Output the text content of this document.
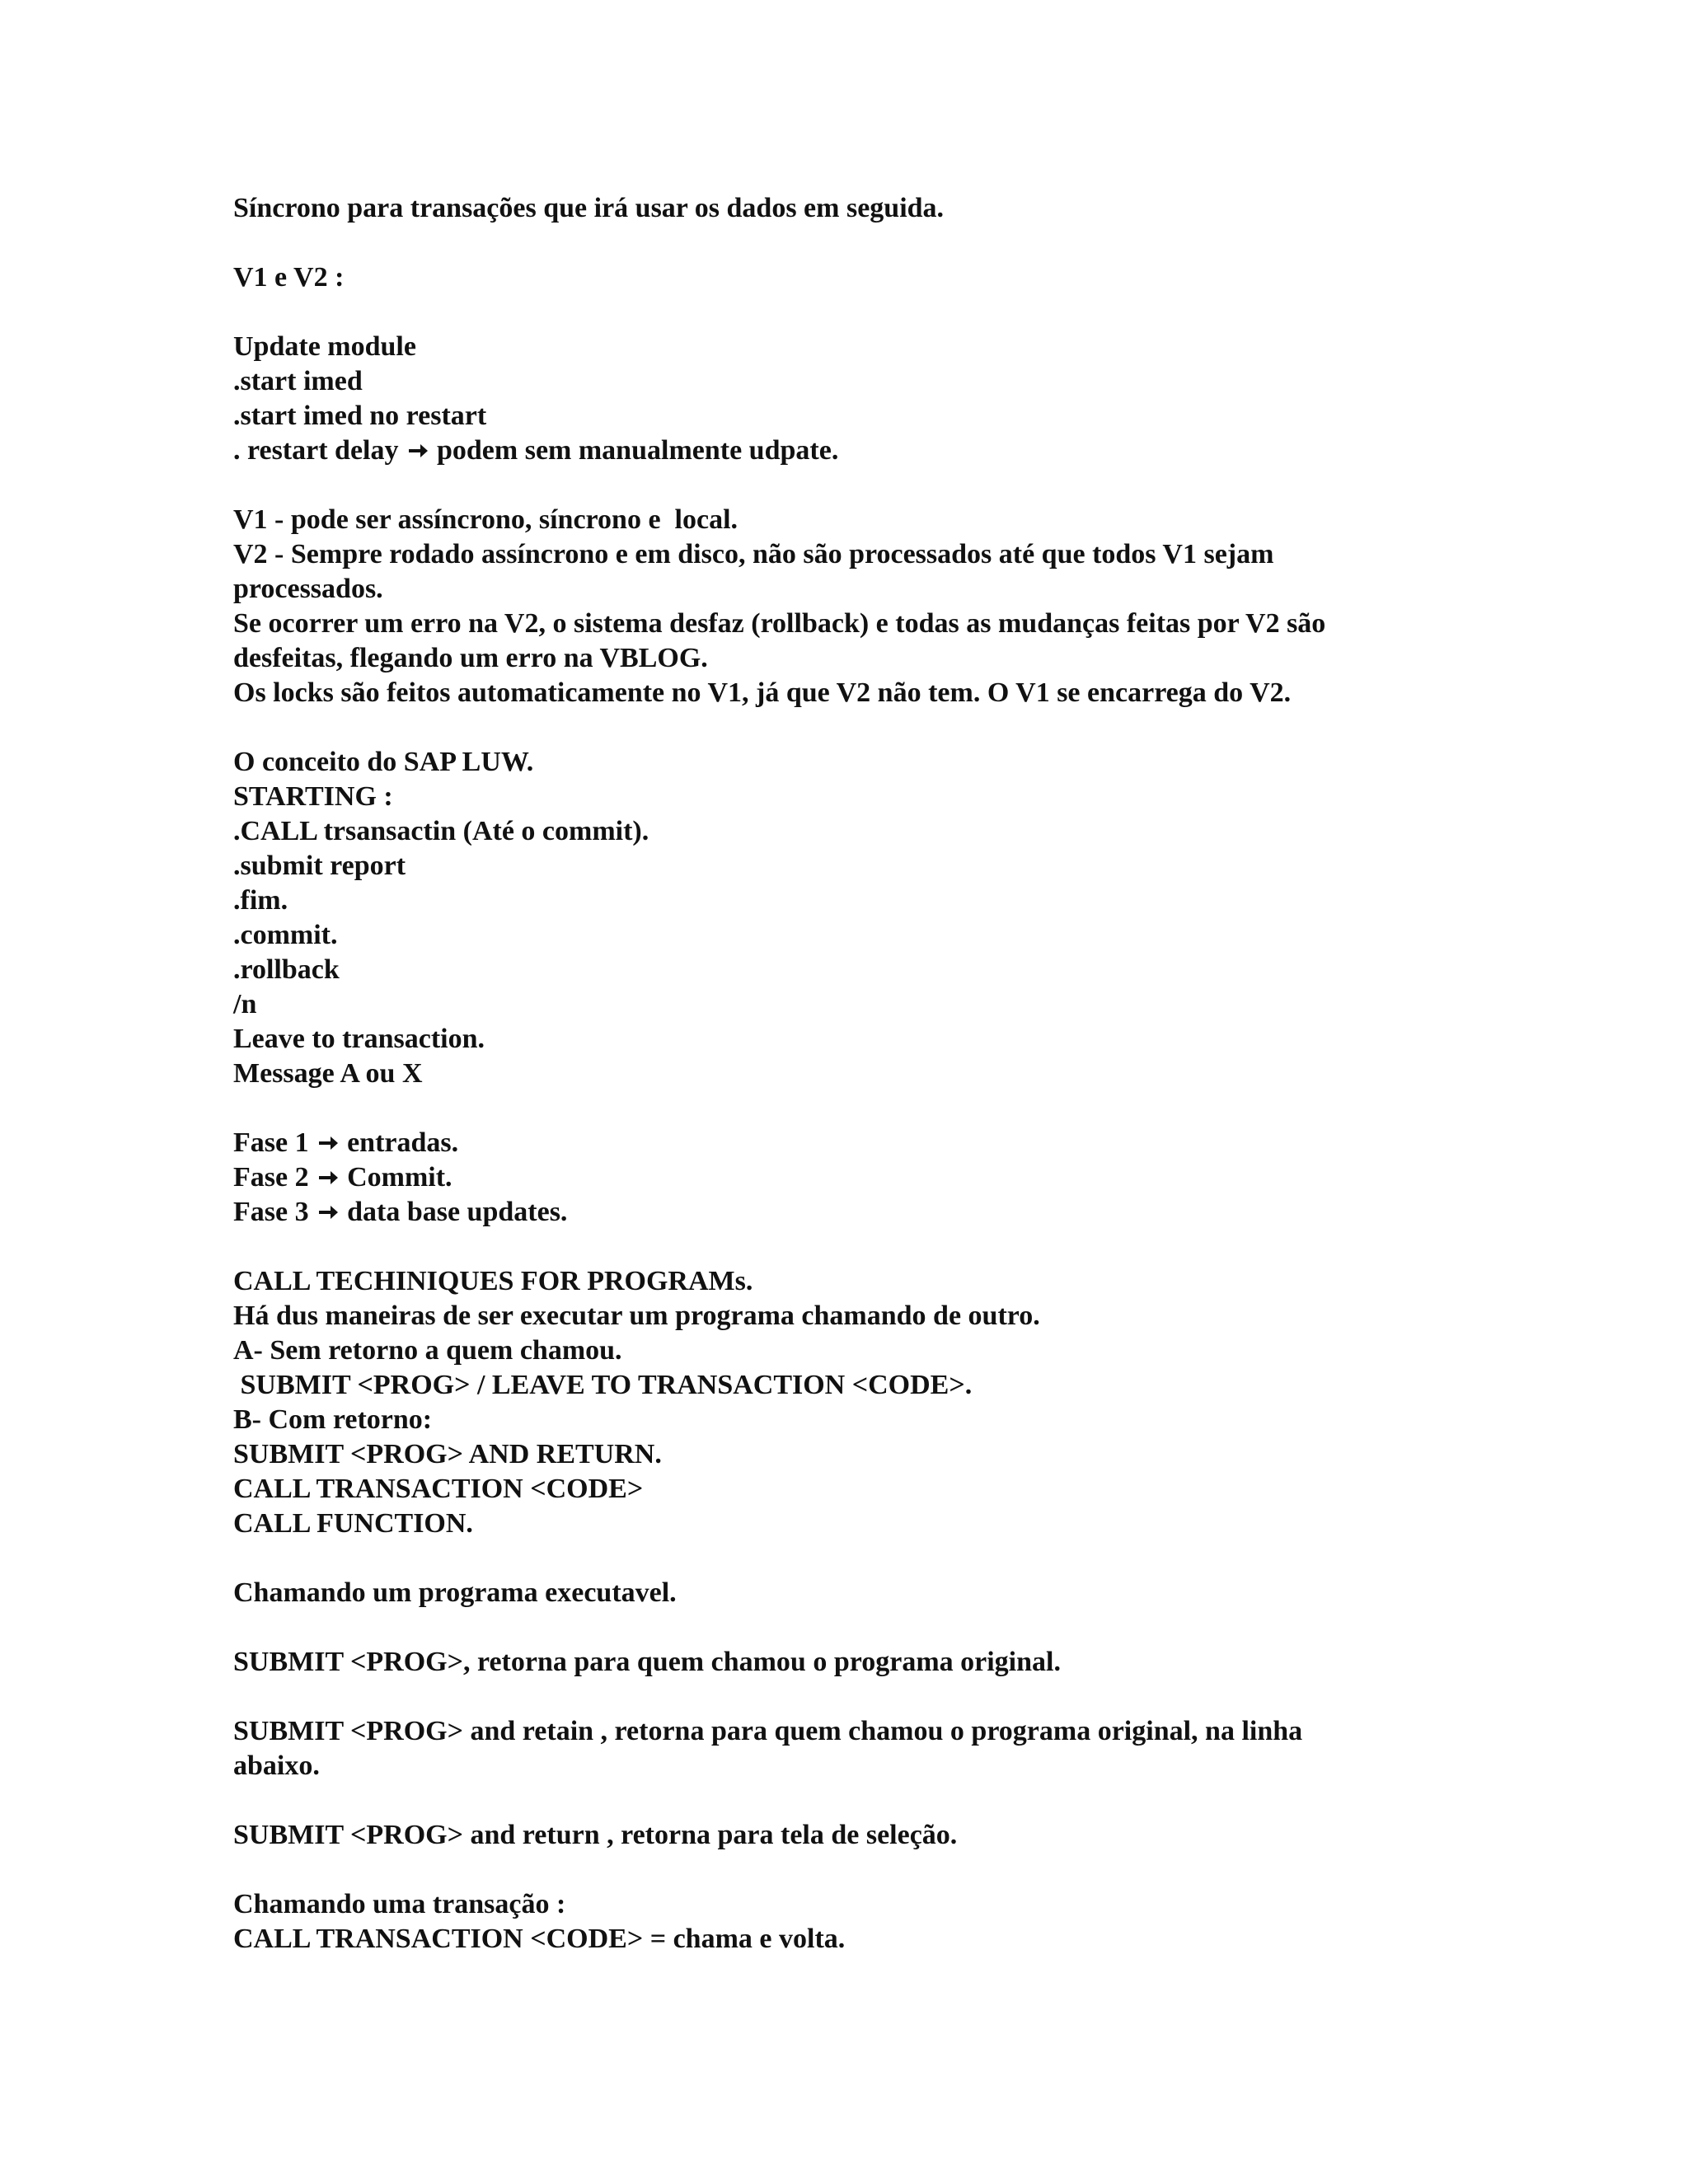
Síncrono para transações que irá usar os dados em seguida.
V1 e V2 :
Update module
.start imed
.start imed no restart
. restart delay podem sem manualmente udpate.
V1 - pode ser assíncrono, síncrono e  local.
V2 - Sempre rodado assíncrono e em disco, não são processados até que todos V1 sejam
processados.
Se ocorrer um erro na V2, o sistema desfaz (rollback) e todas as mudanças feitas por V2 são
desfeitas, flegando um erro na VBLOG.
Os locks são feitos automaticamente no V1, já que V2 não tem. O V1 se encarrega do V2.
O conceito do SAP LUW.
STARTING :
.CALL trsansactin (Até o commit).
.submit report
.fim.
.commit.
.rollback
/n
Leave to transaction.
Message A ou X
Fase 1 entradas.
Fase 2 Commit.
Fase 3 data base updates.
CALL TECHINIQUES FOR PROGRAMs.
Há dus maneiras de ser executar um programa chamando de outro.
A- Sem retorno a quem chamou.
SUBMIT <PROG> / LEAVE TO TRANSACTION <CODE>.
B- Com retorno:
SUBMIT <PROG> AND RETURN.
CALL TRANSACTION <CODE>
CALL FUNCTION.
Chamando um programa executavel.
SUBMIT <PROG>, retorna para quem chamou o programa original.
SUBMIT <PROG> and retain , retorna para quem chamou o programa original, na linha
abaixo.
SUBMIT <PROG> and return , retorna para tela de seleção.
Chamando uma transação :
CALL TRANSACTION <CODE> = chama e volta.
